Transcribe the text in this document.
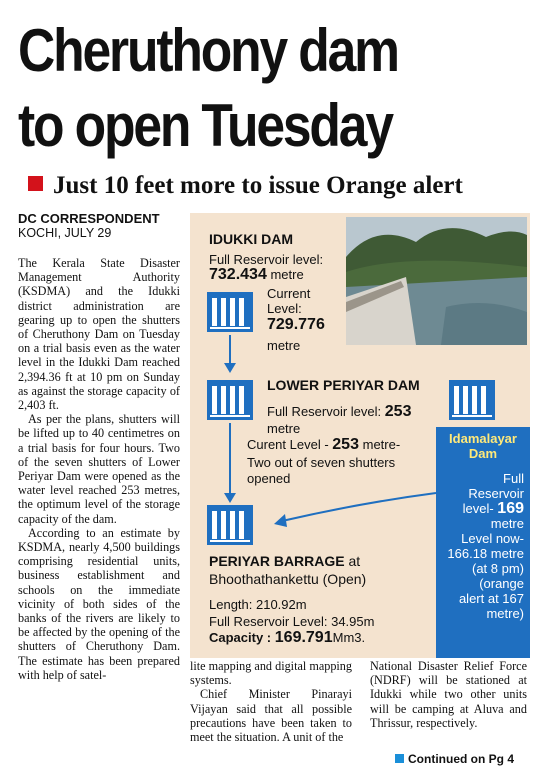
Cheruthony dam
to open Tuesday
Just 10 feet more to issue Orange alert
DC CORRESPONDENT
KOCHI, JULY 29

The Kerala State Disaster Management Authority (KSDMA) and the Idukki district administration are gearing up to open the shutters of Cheruthony Dam on Tuesday on a trial basis even as the water level in the Idukki Dam reached 2,394.36 ft at 10 pm on Sunday as against the storage capacity of 2,403 ft.

As per the plans, shutters will be lifted up to 40 centimetres on a trial basis for four hours. Two of the seven shutters of Lower Periyar Dam were opened as the water level reached 253 metres, the optimum level of the storage capacity of the dam.

According to an estimate by KSDMA, nearly 4,500 buildings comprising residential units, business establishment and schools on the immediate vicinity of both sides of the banks of the rivers are likely to be affected by the opening of the shutters of Cheruthony Dam. The estimate has been prepared with help of satel-

lite mapping and digital mapping systems.

Chief Minister Pinarayi Vijayan said that all possible precautions have been taken to meet the situation. A unit of the

National Disaster Relief Force (NDRF) will be stationed at Idukki while two other units will be camping at Aluva and Thrissur, respectively.

Continued on Pg 4
IDUKKI DAM
Full Reservoir level:
732.434 metre
Current
Level:
729.776
metre
LOWER PERIYAR DAM
Full Reservoir level: 253
metre
Curent Level - 253 metre-
Two out of seven shutters
opened
PERIYAR BARRAGE at
Bhoothathankettu (Open)
Length: 210.92m
Full Reservoir Level: 34.95m
Capacity : 169.791Mm3.
Idamalayar
Dam
Full
Reservoir
level- 169
metre
Level now-
166.18 metre
(at 8 pm)
(orange
alert at 167
metre)
